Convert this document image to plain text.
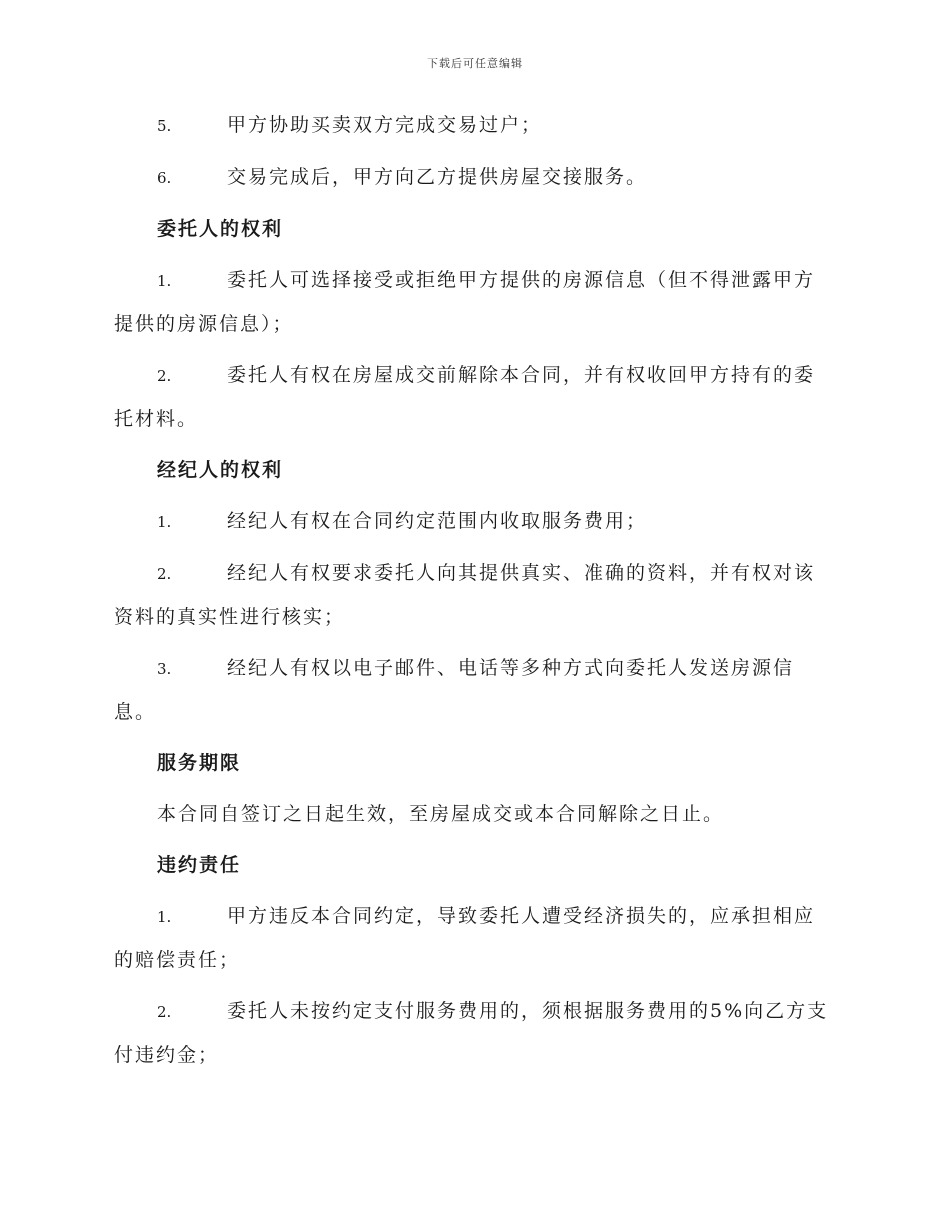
下载后可任意编辑
5.	甲方协助买卖双方完成交易过户；
6.	交易完成后，甲方向乙方提供房屋交接服务。
委托人的权利
1.	委托人可选择接受或拒绝甲方提供的房源信息（但不得泄露甲方提供的房源信息）；
2.	委托人有权在房屋成交前解除本合同，并有权收回甲方持有的委托材料。
经纪人的权利
1.	经纪人有权在合同约定范围内收取服务费用；
2.	经纪人有权要求委托人向其提供真实、准确的资料，并有权对该资料的真实性进行核实；
3.	经纪人有权以电子邮件、电话等多种方式向委托人发送房源信息。
服务期限
本合同自签订之日起生效，至房屋成交或本合同解除之日止。
违约责任
1.	甲方违反本合同约定，导致委托人遭受经济损失的，应承担相应的赔偿责任；
2.	委托人未按约定支付服务费用的，须根据服务费用的5%向乙方支付违约金；
